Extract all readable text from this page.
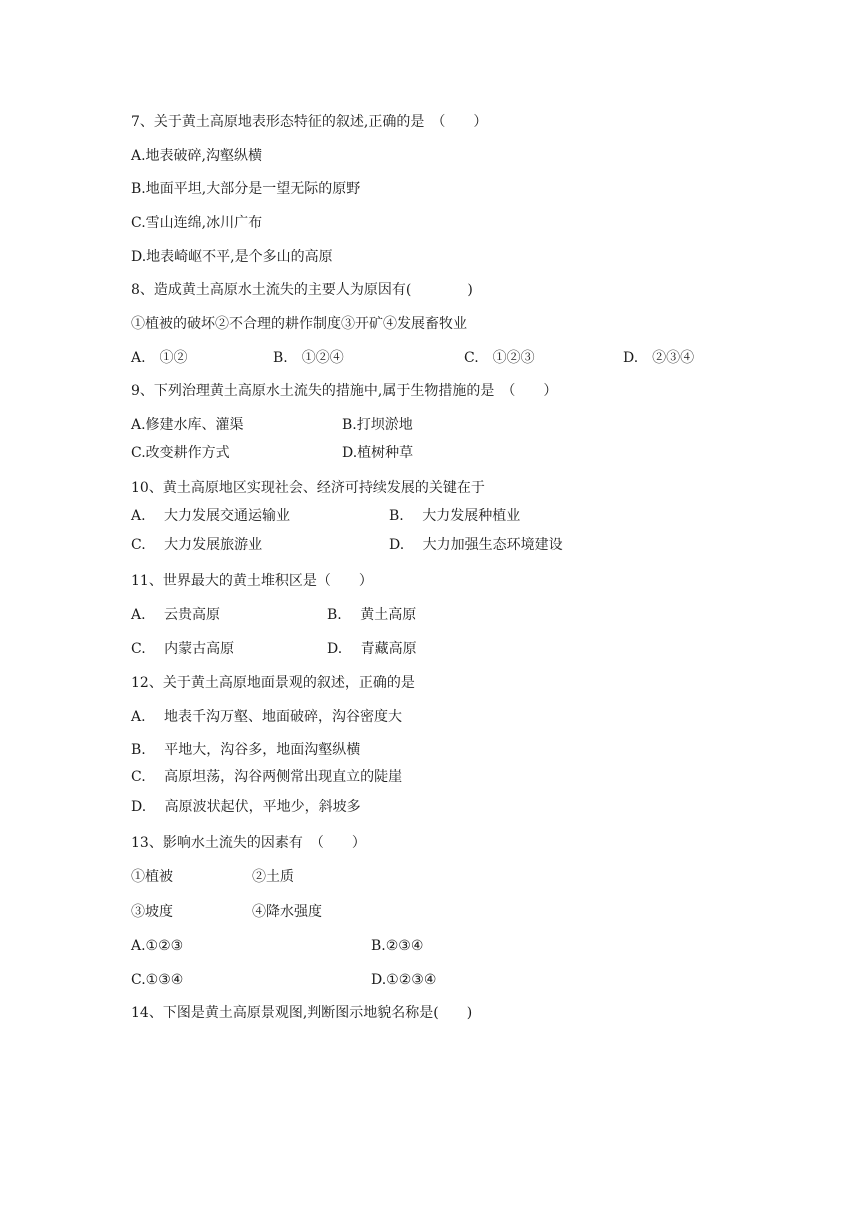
7、关于黄土高原地表形态特征的叙述,正确的是　（　　）
A.地表破碎,沟壑纵横
B.地面平坦,大部分是一望无际的原野
C.雪山连绵,冰川广布
D.地表崎岖不平,是个多山的高原
8、造成黄土高原水土流失的主要人为原因有(　　　　)
①植被的破坏②不合理的耕作制度③开矿④发展畜牧业
A.　①②	B.　①②④	C.　①②③	D.　②③④
9、下列治理黄土高原水土流失的措施中,属于生物措施的是　（　　）
A.修建水库、灌渠	B.打坝淤地
C.改变耕作方式	D.植树种草
10、黄土高原地区实现社会、经济可持续发展的关键在于
A.　 大力发展交通运输业	B.　 大力发展种植业
C.　 大力发展旅游业	D.　 大力加强生态环境建设
11、世界最大的黄土堆积区是（　　）
A.　 云贵高原	B.　 黄土高原
C.　 内蒙古高原	D.　 青藏高原
12、关于黄土高原地面景观的叙述，正确的是
A.　 地表千沟万壑、地面破碎，沟谷密度大
B.　 平地大，沟谷多，地面沟壑纵横
C.　 高原坦荡，沟谷两侧常出现直立的陡崖
D.　 高原波状起伏，平地少，斜坡多
13、影响水土流失的因素有　（　　）
①植被	②土质
③坡度	④降水强度
A.①②③	B.②③④
C.①③④	D.①②③④
14、下图是黄土高原景观图,判断图示地貌名称是(　　)
